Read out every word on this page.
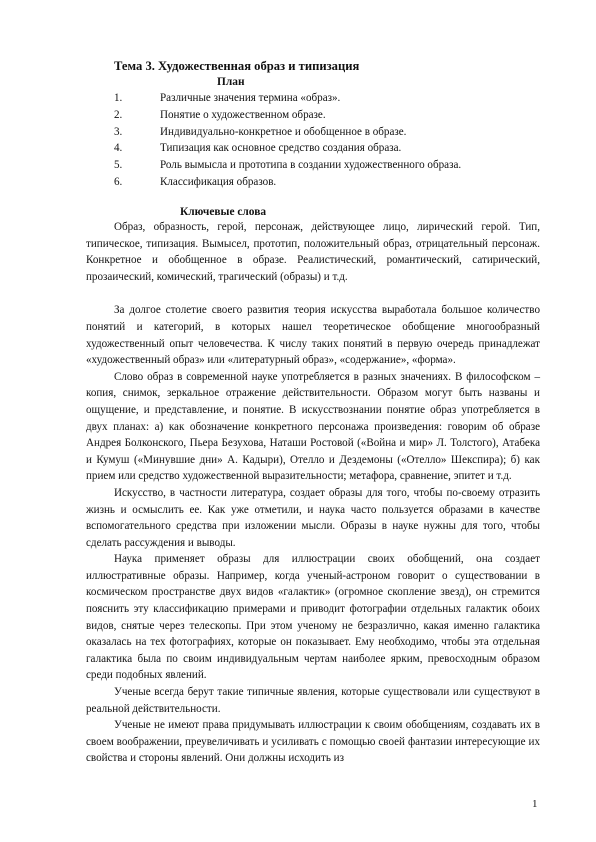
Тема 3. Художественная образ и типизация
План
1.	Различные значения термина «образ».
2.	Понятие о художественном образе.
3.	Индивидуально-конкретное и обобщенное в образе.
4.	Типизация как основное средство создания образа.
5.	Роль вымысла и прототипа в создании художественного образа.
6.	Классификация образов.
Ключевые слова

Образ, образность, герой, персонаж, действующее лицо, лирический герой. Тип, типическое, типизация. Вымысел, прототип, положительный образ, отрицательный персонаж. Конкретное и обобщенное в образе. Реалистический, романтический, сатирический, прозаический, комический, трагический (образы) и т.д.

За долгое столетие своего развития теория искусства выработала большое количество понятий и категорий, в которых нашел теоретическое обобщение многообразный художественный опыт человечества. К числу таких понятий в первую очередь принадлежат «художественный образ» или «литературный образ», «содержание», «форма».

Слово образ в современной науке употребляется в разных значениях. В философском – копия, снимок, зеркальное отражение действительности. Образом могут быть названы и ощущение, и представление, и понятие. В искусствознании понятие образ употребляется в двух планах: а) как обозначение конкретного персонажа произведения: говорим об образе Андрея Болконского, Пьера Безухова, Наташи Ростовой («Война и мир» Л. Толстого), Атабека и Кумуш («Минувшие дни» А. Кадыри), Отелло и Дездемоны («Отелло» Шекспира); б) как прием или средство художественной выразительности; метафора, сравнение, эпитет и т.д.

Искусство, в частности литература, создает образы для того, чтобы по-своему отразить жизнь и осмыслить ее. Как уже отметили, и наука часто пользуется образами в качестве вспомогательного средства при изложении мысли. Образы в науке нужны для того, чтобы сделать рассуждения и выводы.

Наука применяет образы для иллюстрации своих обобщений, она создает иллюстративные образы. Например, когда ученый-астроном говорит о существовании в космическом пространстве двух видов «галактик» (огромное скопление звезд), он стремится пояснить эту классификацию примерами и приводит фотографии отдельных галактик обоих видов, снятые через телескопы. При этом ученому не безразлично, какая именно галактика оказалась на тех фотографиях, которые он показывает. Ему необходимо, чтобы эта отдельная галактика была по своим индивидуальным чертам наиболее ярким, превосходным образом среди подобных явлений.

Ученые всегда берут такие типичные явления, которые существовали или существуют в реальной действительности.

Ученые не имеют права придумывать иллюстрации к своим обобщениям, создавать их в своем воображении, преувеличивать и усиливать с помощью своей фантазии интересующие их свойства и стороны явлений. Они должны исходить из

1
